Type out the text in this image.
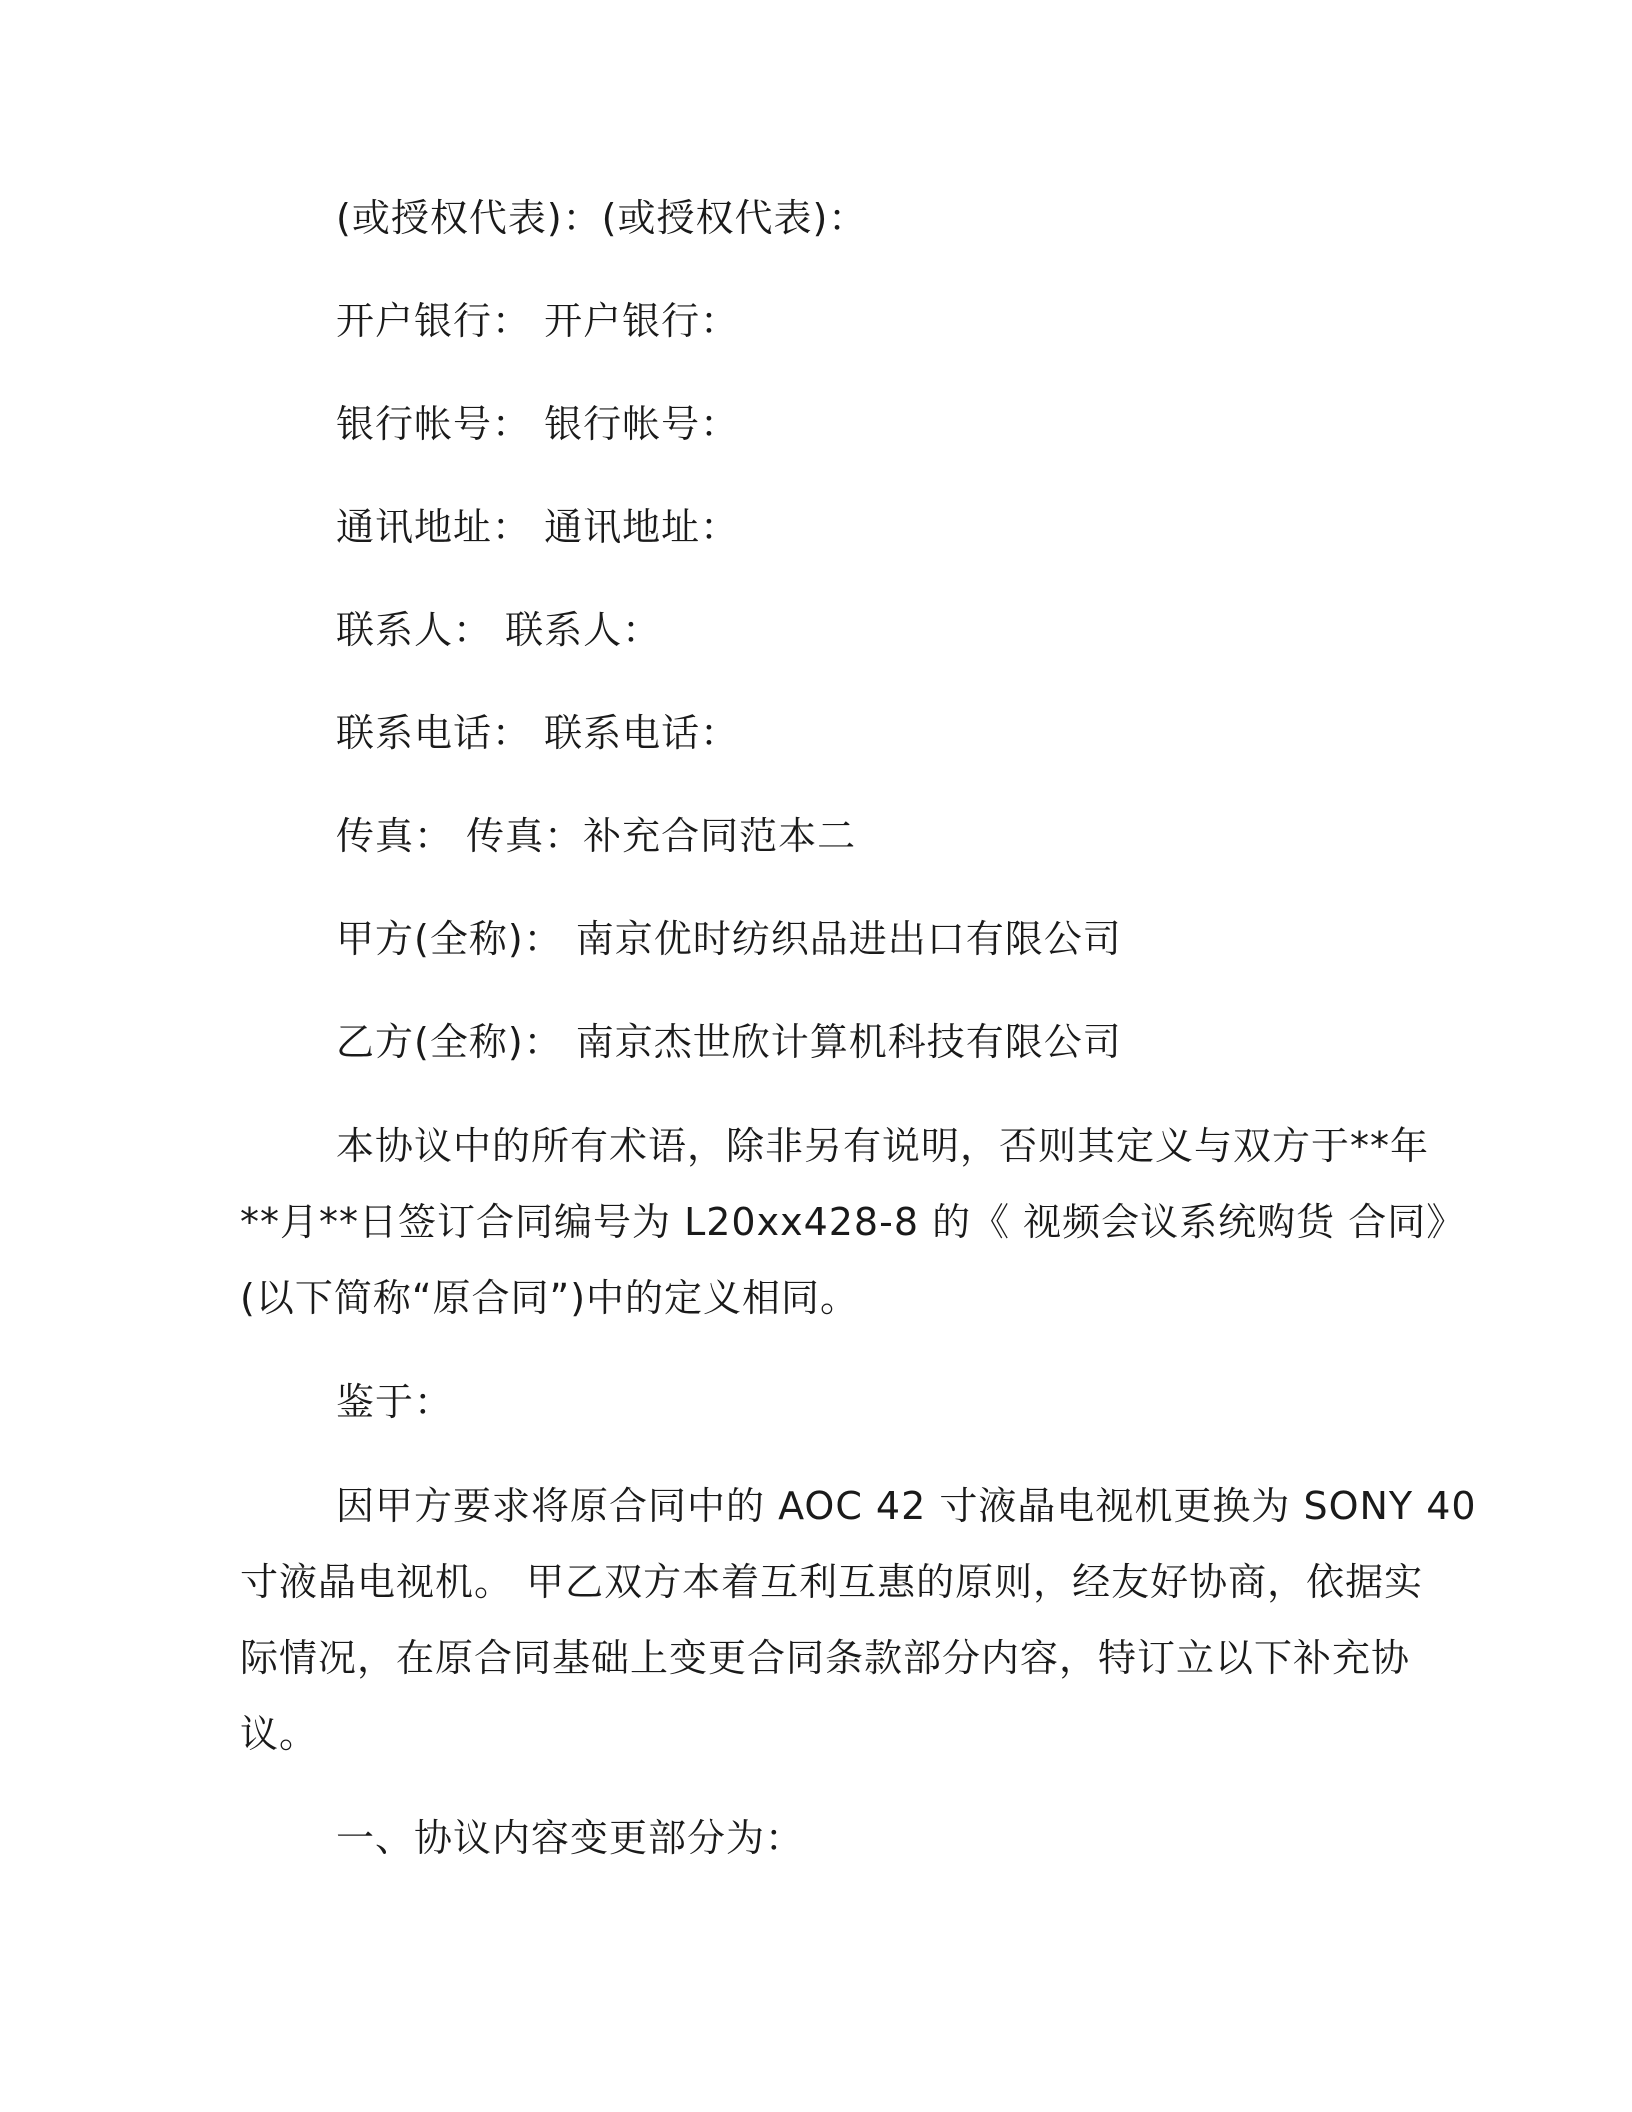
(或授权代表)：(或授权代表)：
开户银行： 开户银行：
银行帐号： 银行帐号：
通讯地址： 通讯地址：
联系人： 联系人：
联系电话： 联系电话：
传真： 传真：补充合同范本二
甲方(全称)： 南京优时纺织品进出口有限公司
乙方(全称)： 南京杰世欣计算机科技有限公司
本协议中的所有术语，除非另有说明，否则其定义与双方于**年
**月**日签订合同编号为 L20xx428-8 的《 视频会议系统购货 合同》
(以下简称“原合同”)中的定义相同。
鉴于：
因甲方要求将原合同中的 AOC 42 寸液晶电视机更换为 SONY 40
寸液晶电视机。 甲乙双方本着互利互惠的原则，经友好协商，依据实
际情况，在原合同基础上变更合同条款部分内容，特订立以下补充协
议。
一、协议内容变更部分为：
